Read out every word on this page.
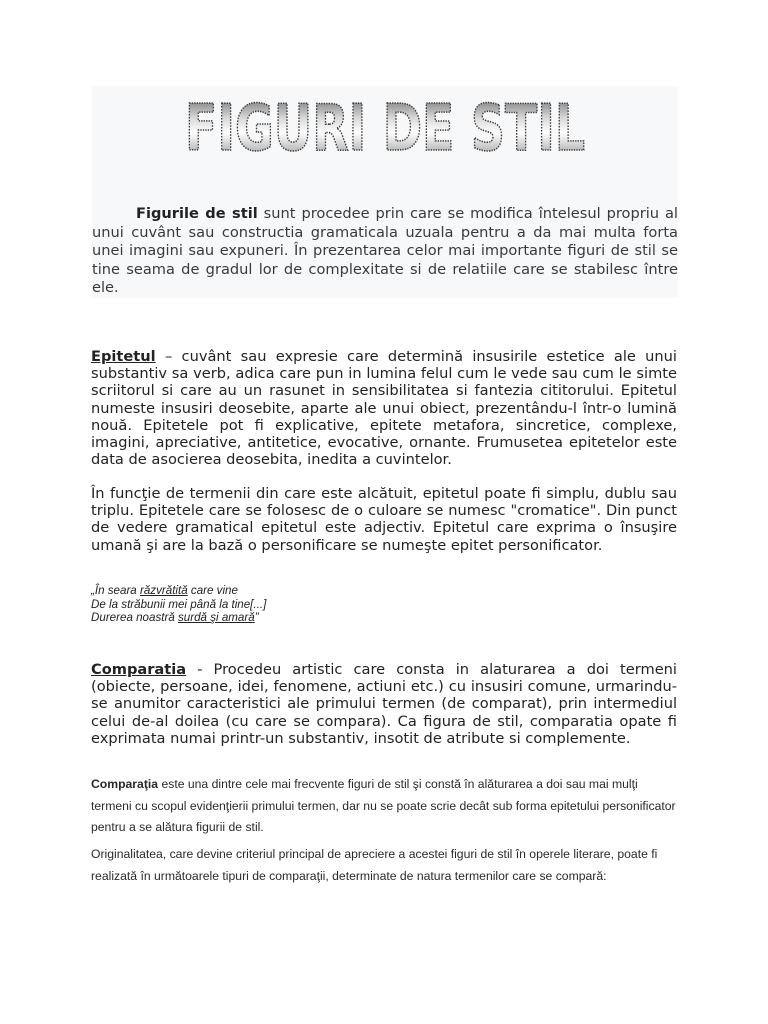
FIGURI DE STIL
Figurile de stil sunt procedee prin care se modifica întelesul propriu al unui cuvânt sau constructia gramaticala uzuala pentru a da mai multa forta unei imagini sau expuneri. În prezentarea celor mai importante figuri de stil se tine seama de gradul lor de complexitate si de relatiile care se stabilesc între ele.
Epitetul – cuvânt sau expresie care determină insusirile estetice ale unui substantiv sa verb, adica care pun in lumina felul cum le vede sau cum le simte scriitorul si care au un rasunet in sensibilitatea si fantezia cititorului. Epitetul numeste insusiri deosebite, aparte ale unui obiect, prezentându-l într-o lumină nouă. Epitetele pot fi explicative, epitete metafora, sincretice, complexe, imagini, apreciative, antitetice, evocative, ornante. Frumusetea epitetelor este data de asocierea deosebita, inedita a cuvintelor.
În funcţie de termenii din care este alcătuit, epitetul poate fi simplu, dublu sau triplu. Epitetele care se folosesc de o culoare se numesc "cromatice". Din punct de vedere gramatical epitetul este adjectiv. Epitetul care exprima o însuşire umană şi are la bază o personificare se numeşte epitet personificator.
„În seara răzvrătită care vine
De la străbunii mei până la tine[...]
Durerea noastră surdă şi amară”
Comparatia - Procedeu artistic care consta in alaturarea a doi termeni (obiecte, persoane, idei, fenomene, actiuni etc.) cu insusiri comune, urmarindu-se anumitor caracteristici ale primului termen (de comparat), prin intermediul celui de-al doilea (cu care se compara). Ca figura de stil, comparatia opate fi exprimata numai printr-un substantiv, insotit de atribute si complemente.
Comparaţia este una dintre cele mai frecvente figuri de stil şi constă în alăturarea a doi sau mai mulţi termeni cu scopul evidenţierii primului termen, dar nu se poate scrie decât sub forma epitetului personificator pentru a se alătura figurii de stil.
Originalitatea, care devine criteriul principal de apreciere a acestei figuri de stil în operele literare, poate fi realizată în următoarele tipuri de comparaţii, determinate de natura termenilor care se compară:
